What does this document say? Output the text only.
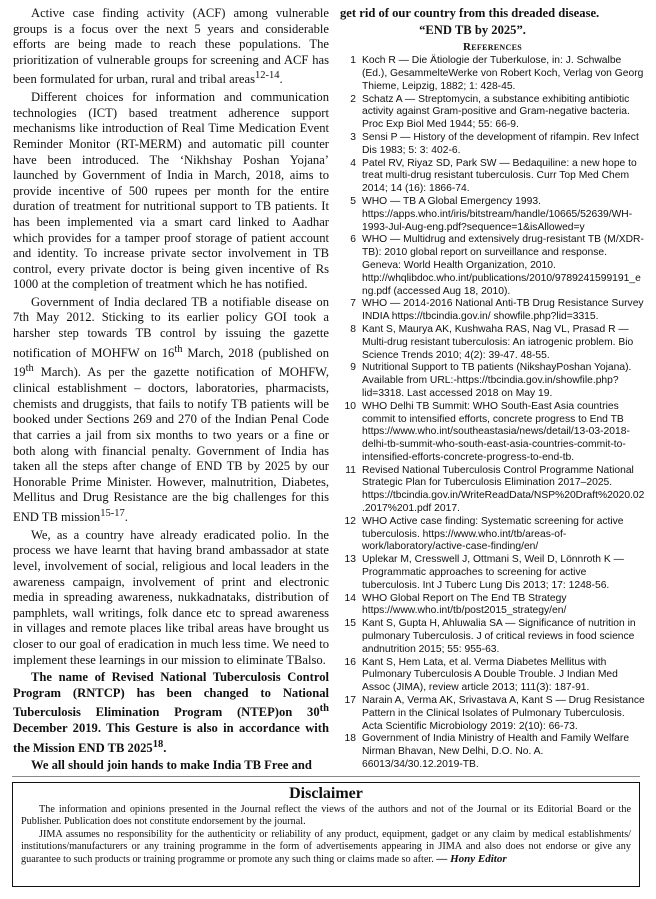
Active case finding activity (ACF) among vulnerable groups is a focus over the next 5 years and considerable efforts are being made to reach these populations. The prioritization of vulnerable groups for screening and ACF has been formulated for urban, rural and tribal areas$^{12-14}$.

Different choices for information and communication technologies (ICT) based treatment adherence support mechanisms like introduction of Real Time Medication Event Reminder Monitor (RT-MERM) and automatic pill counter have been introduced. The ‘Nikhshay Poshan Yojana’ launched by Government of India in March, 2018, aims to provide incentive of 500 rupees per month for the entire duration of treatment for nutritional support to TB patients. It has been implemented via a smart card linked to Aadhar which provides for a tamper proof storage of patient account and identity. To increase private sector involvement in TB control, every private doctor is being given incentive of Rs 1000 at the completion of treatment which he has notified.

Government of India declared TB a notifiable disease on 7th May 2012. Sticking to its earlier policy GOI took a harsher step towards TB control by issuing the gazette notification of MOHFW on 16th March, 2018 (published on 19th March). As per the gazette notification of MOHFW, clinical establishment – doctors, laboratories, pharmacists, chemists and druggists, that fails to notify TB patients will be booked under Sections 269 and 270 of the Indian Penal Code that carries a jail from six months to two years or a fine or both along with financial penalty. Government of India has taken all the steps after change of END TB by 2025 by our Honorable Prime Minister. However, malnutrition, Diabetes, Mellitus and Drug Resistance are the big challenges for this END TB mission$^{15-17}$.

We, as a country have already eradicated polio. In the process we have learnt that having brand ambassador at state level, involvement of social, religious and local leaders in the awareness campaign, involvement of print and electronic media in spreading awareness, nukkadnataks, distribution of pamphlets, wall writings, folk dance etc to spread awareness in villages and remote places like tribal areas have brought us closer to our goal of eradication in much less time. We need to implement these learnings in our mission to eliminate TBalso.

The name of Revised National Tuberculosis Control Program (RNTCP) has been changed to National Tuberculosis Elimination Program (NTEP)on 30th December 2019. This Gesture is also in accordance with the Mission END TB 2025$^{18}$.

We all should join hands to make India TB Free and

get rid of our country from this dreaded disease.

“END TB by 2025”.

References
1 Koch R — Die Ätiologie der Tuberkulose, in: J. Schwalbe (Ed.), GesammelteWerke von Robert Koch, Verlag von Georg Thieme, Leipzig, 1882; 1: 428-45.
2 Schatz A — Streptomycin, a substance exhibiting antibiotic activity against Gram-positive and Gram-negative bacteria. Proc Exp Biol Med 1944; 55: 66-9.
3 Sensi P — History of the development of rifampin. Rev Infect Dis 1983; 5: 3: 402-6.
4 Patel RV, Riyaz SD, Park SW — Bedaquiline: a new hope to treat multi-drug resistant tuberculosis. Curr Top Med Chem 2014; 14 (16): 1866-74.
5 WHO — TB A Global Emergency 1993. https://apps.who.int/iris/bitstream/handle/10665/52639/WH-1993-Jul-Aug-eng.pdf?sequence=1&isAllowed=y
6 WHO — Multidrug and extensively drug-resistant TB (M/XDR-TB): 2010 global report on surveillance and response. Geneva: World Health Organization, 2010. http://whqlibdoc.who.int/publications/2010/9789241599191_eng.pdf (accessed Aug 18, 2010).
7 WHO — 2014-2016 National Anti-TB Drug Resistance Survey INDIA https://tbcindia.gov.in/ showfile.php?lid=3315.
8 Kant S, Maurya AK, Kushwaha RAS, Nag VL, Prasad R — Multi-drug resistant tuberculosis: An iatrogenic problem. Bio Science Trends 2010; 4(2): 39-47. 48-55.
9 Nutritional Support to TB patients (NikshayPoshan Yojana). Available from URL:-https://tbcindia.gov.in/showfile.php?lid=3318. Last accessed 2018 on May 19.
10 WHO Delhi TB Summit: WHO South-East Asia countries commit to intensified efforts, concrete progress to End TB https://www.who.int/southeastasia/news/detail/13-03-2018-delhi-tb-summit-who-south-east-asia-countries-commit-to-intensified-efforts-concrete-progress-to-end-tb.
11 Revised National Tuberculosis Control Programme National Strategic Plan for Tuberculosis Elimination 2017–2025. https://tbcindia.gov.in/WriteReadData/NSP%20Draft%2020.02.2017%201.pdf 2017.
12 WHO Active case finding: Systematic screening for active tuberculosis. https://www.who.int/tb/areas-of-work/laboratory/active-case-finding/en/
13 Uplekar M, Cresswell J, Ottmani S, Weil D, Lönnroth K — Programmatic approaches to screening for active tuberculosis. Int J Tuberc Lung Dis 2013; 17: 1248-56.
14 WHO Global Report on The End TB Strategy https://www.who.int/tb/post2015_strategy/en/
15 Kant S, Gupta H, Ahluwalia SA — Significance of nutrition in pulmonary Tuberculosis. J of critical reviews in food science andnutrition 2015; 55: 955-63.
16 Kant S, Hem Lata, et al. Verma Diabetes Mellitus with Pulmonary Tuberculosis A Double Trouble. J Indian Med Assoc (JIMA), review article 2013; 111(3): 187-91.
17 Narain A, Verma AK, Srivastava A, Kant S — Drug Resistance Pattern in the Clinical Isolates of Pulmonary Tuberculosis. Acta Scientific Microbiology 2019: 2(10): 66-73.
18 Government of India Ministry of Health and Family Welfare Nirman Bhavan, New Delhi, D.O. No. A. 66013/34/30.12.2019-TB.
Disclaimer

The information and opinions presented in the Journal reflect the views of the authors and not of the Journal or its Editorial Board or the Publisher. Publication does not constitute endorsement by the journal.

JIMA assumes no responsibility for the authenticity or reliability of any product, equipment, gadget or any claim by medical establishments/ institutions/manufacturers or any training programme in the form of advertisements appearing in JIMA and also does not endorse or give any guarantee to such products or training programme or promote any such thing or claims made so after. — Hony Editor
